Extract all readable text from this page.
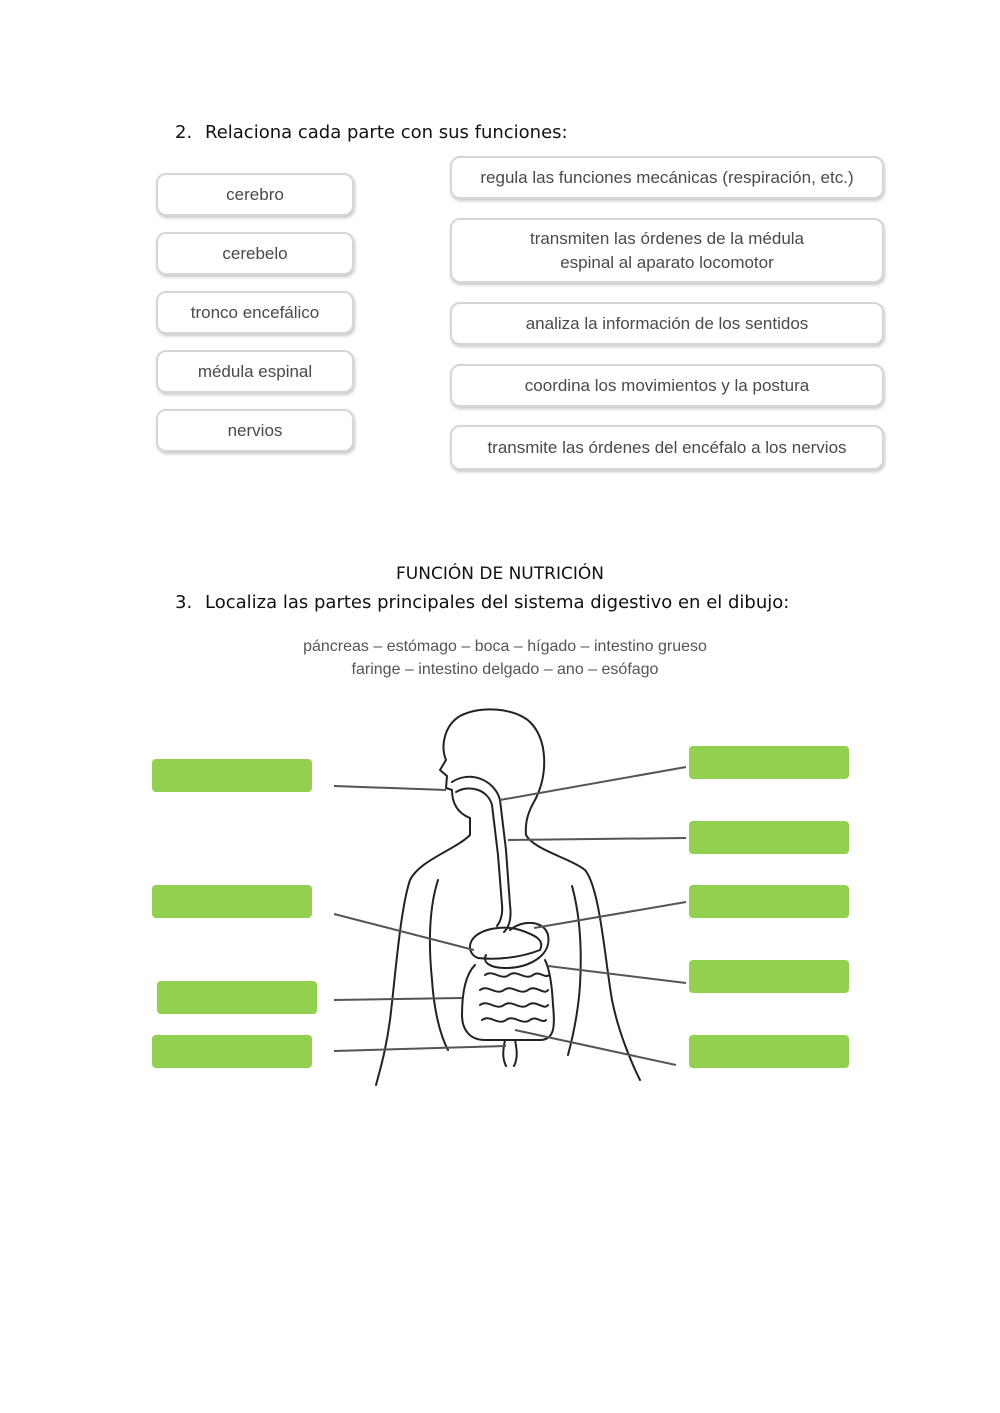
2. Relaciona cada parte con sus funciones:
cerebro
cerebelo
tronco encefálico
médula espinal
nervios
regula las funciones mecánicas (respiración, etc.)
transmiten las órdenes de la médula
espinal al aparato locomotor
analiza la información de los sentidos
coordina los movimientos y la postura
transmite las órdenes del encéfalo a los nervios
FUNCIÓN DE NUTRICIÓN
3. Localiza las partes principales del sistema digestivo en el dibujo:
páncreas – estómago – boca – hígado – intestino grueso
faringe – intestino delgado – ano – esófago
